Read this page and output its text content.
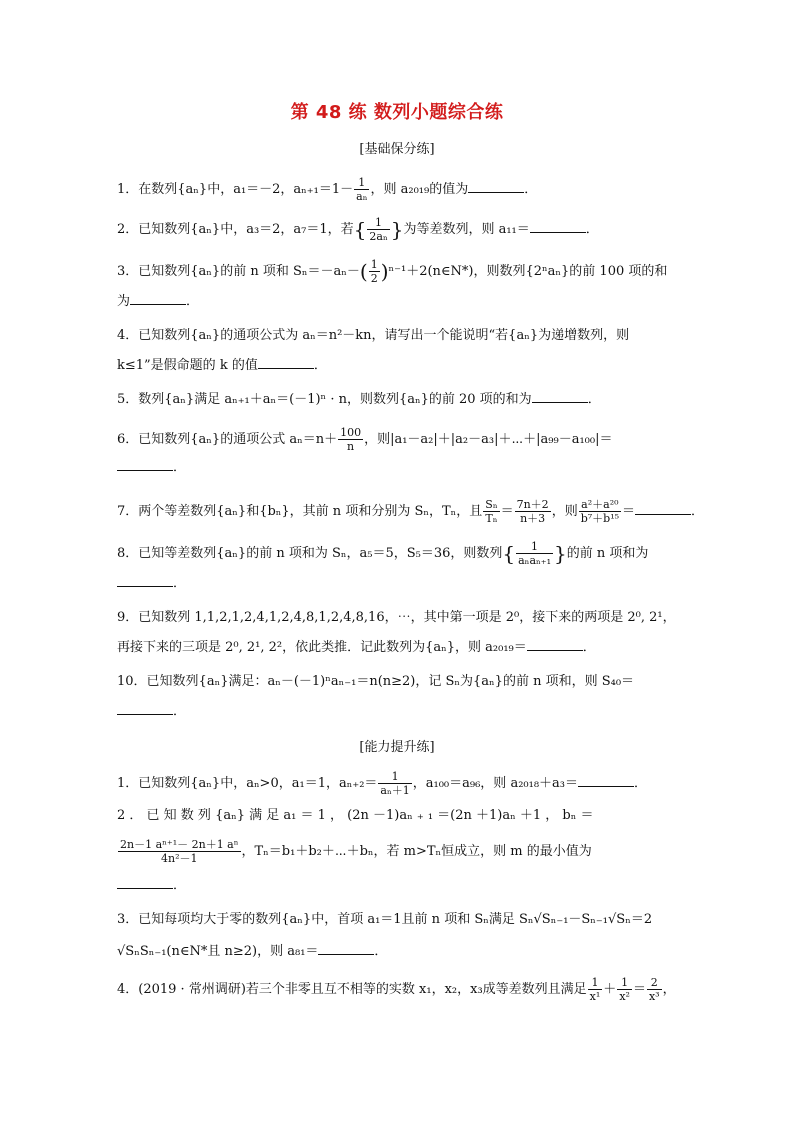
第 48 练 数列小题综合练
[基础保分练]
1．在数列{aₙ}中，a₁＝－2，$a_{n+1}=1- \frac{1}{\text{aₙ}}$ ，则 a₂₀₁₉的值为	．
2．已知数列{aₙ}中，a₃＝2，a₇＝1，若{ $\frac{1}{\text{2aₙ}}$ }为等差数列，则 a₁₁＝	．
3．已知数列{aₙ}的前 n 项和 $S_n=-a_n-( \frac{1}{2}$ )ⁿ⁻¹＋2(n∈N*)，则数列{2ⁿaₙ}的前 100 项的和
为	．
4．已知数列{aₙ}的通项公式为 aₙ＝n²－kn，请写出一个能说明“若{aₙ}为递增数列，则
k≤1”是假命题的 k 的值	．
5．数列{aₙ}满足 aₙ₊₁＋aₙ＝(－1)ⁿ · n，则数列{aₙ}的前 20 项的和为	．
6．已知数列{aₙ}的通项公式 $a_n=n+ \frac{100}{n}$ ，则|a₁－a₂|＋|a₂－a₃|＋⋯＋|a₉₉－a₁₀₀|＝
．
7．两个等差数列{aₙ}和{bₙ}，其前 n 项和分别为 Sₙ，Tₙ，且 $\frac{\text{Sₙ}}{\text{Tₙ}} = \frac{7n+2}{n+3}$ ，则 $\frac{\text{a²＋a²⁰}}{\text{b⁷＋b¹⁵}}$ ＝	．
8．已知等差数列{aₙ}的前 n 项和为 Sₙ，a₅＝5，S₅＝36，则数列{ $\frac{1}{\text{aₙaₙ₊₁}}$ }的前 n 项和为
．
9．已知数列 1,1,2,1,2,4,1,2,4,8,1,2,4,8,16，⋯，其中第一项是 2⁰，接下来的两项是 2⁰, 2¹，
再接下来的三项是 2⁰, 2¹, 2²，依此类推．记此数列为{aₙ}，则 a₂₀₁₉＝	．
10．已知数列{aₙ}满足：aₙ－(－1)ⁿaₙ₋₁＝n(n≥2)，记 Sₙ为{aₙ}的前 n 项和，则 S₄₀＝
．
[能力提升练]
1．已知数列{aₙ}中，aₙ>0，a₁＝1，$a_{n+2}= \frac{1}{\text{aₙ＋1}}$ ，a₁₀₀＝a₉₆，则 a₂₀₁₈＋a₃＝	．
2 ． 已 知 数 列 {aₙ} 满 足 a₁ ＝ 1 ， (2n －1)aₙ ₊ ₁ ＝(2n ＋1)aₙ ＋1 ， bₙ ＝
$\frac{\text{2n－1 aⁿ⁺¹－ 2n＋1 aⁿ}}{\text{4n²－1}}$ ，Tₙ＝b₁＋b₂＋⋯＋bₙ，若 m>Tₙ恒成立，则 m 的最小值为
．
3．已知每项均大于零的数列{aₙ}中，首项 a₁＝1且前 n 项和 Sₙ满足 Sₙ√Sₙ₋₁－Sₙ₋₁√Sₙ＝2
√SₙSₙ₋₁(n∈N*且 n≥2)，则 a₈₁＝	．
4．(2019 · 常州调研)若三个非零且互不相等的实数 x₁，x₂，x₃成等差数列且满足 $\frac{1}{\text{x¹}} + \frac{1}{\text{x²}} = \frac{2}{\text{x³}}$ ，
